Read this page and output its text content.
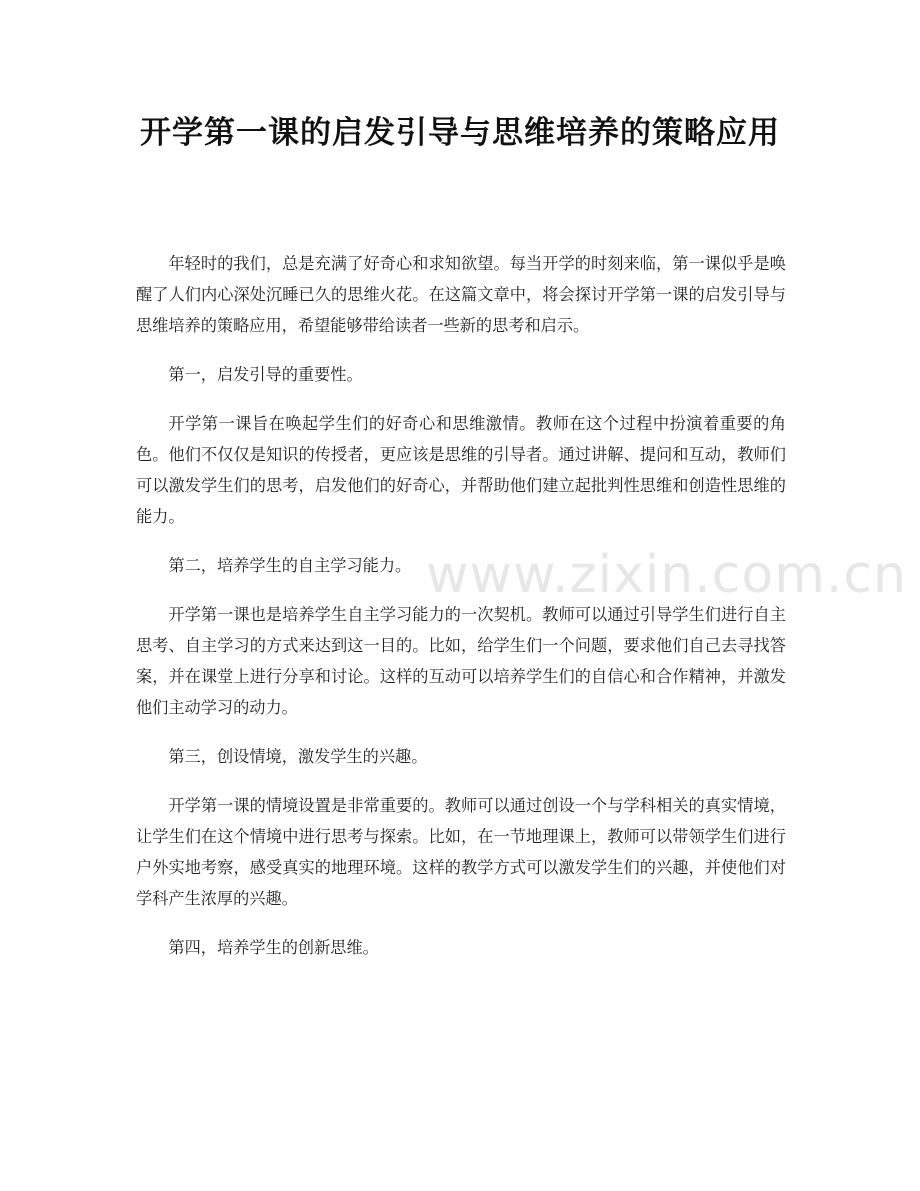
开学第一课的启发引导与思维培养的策略应用

年轻时的我们，总是充满了好奇心和求知欲望。每当开学的时刻来临，第一课似乎是唤醒了人们内心深处沉睡已久的思维火花。在这篇文章中，将会探讨开学第一课的启发引导与思维培养的策略应用，希望能够带给读者一些新的思考和启示。

第一，启发引导的重要性。

开学第一课旨在唤起学生们的好奇心和思维激情。教师在这个过程中扮演着重要的角色。他们不仅仅是知识的传授者，更应该是思维的引导者。通过讲解、提问和互动，教师们可以激发学生们的思考，启发他们的好奇心，并帮助他们建立起批判性思维和创造性思维的能力。

第二，培养学生的自主学习能力。

开学第一课也是培养学生自主学习能力的一次契机。教师可以通过引导学生们进行自主思考、自主学习的方式来达到这一目的。比如，给学生们一个问题，要求他们自己去寻找答案，并在课堂上进行分享和讨论。这样的互动可以培养学生们的自信心和合作精神，并激发他们主动学习的动力。

第三，创设情境，激发学生的兴趣。

开学第一课的情境设置是非常重要的。教师可以通过创设一个与学科相关的真实情境，让学生们在这个情境中进行思考与探索。比如，在一节地理课上，教师可以带领学生们进行户外实地考察，感受真实的地理环境。这样的教学方式可以激发学生们的兴趣，并使他们对学科产生浓厚的兴趣。

第四，培养学生的创新思维。

www.zixin.com.cn
